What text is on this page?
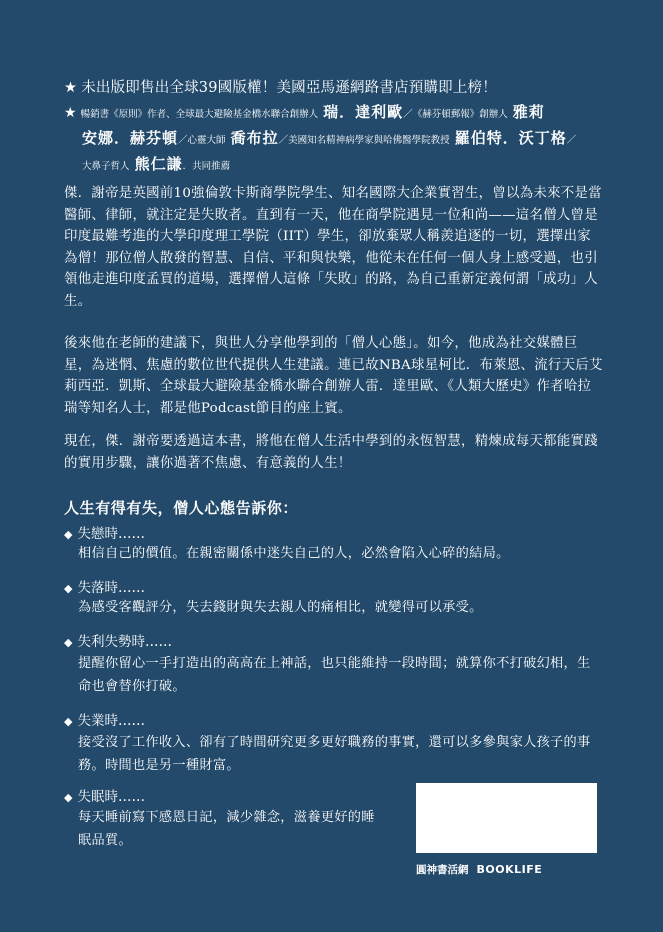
★ 未出版即售出全球39國版權！美國亞馬遜網路書店預購即上榜！
★ 暢銷書《原則》作者、全球最大避險基金橋水聯合創辦人 瑞．達利歐／《赫芬頓郵報》創辦人 雅莉
安娜．赫芬頓／心靈大師 喬布拉／美國知名精神病學家與哈佛醫學院教授 羅伯特．沃丁格／
大鼻子哲人 熊仁謙．共同推薦
傑．謝帝是英國前10強倫敦卡斯商學院學生、知名國際大企業實習生，曾以為未來不是當醫師、律師，就注定是失敗者。直到有一天，他在商學院遇見一位和尚——這名僧人曾是印度最難考進的大學印度理工學院（IIT）學生，卻放棄眾人稱羨追逐的一切，選擇出家為僧！那位僧人散發的智慧、自信、平和與快樂，他從未在任何一個人身上感受過，也引領他走進印度孟買的道場，選擇僧人這條「失敗」的路，為自己重新定義何謂「成功」人生。
後來他在老師的建議下，與世人分享他學到的「僧人心態」。如今，他成為社交媒體巨星，為迷惘、焦慮的數位世代提供人生建議。連已故NBA球星柯比．布萊恩、流行天后艾莉西亞．凱斯、全球最大避險基金橋水聯合創辦人雷．達里歐、《人類大歷史》作者哈拉瑞等知名人士，都是他Podcast節目的座上賓。
現在，傑．謝帝要透過這本書，將他在僧人生活中學到的永恆智慧，精煉成每天都能實踐的實用步驟，讓你過著不焦慮、有意義的人生！
人生有得有失，僧人心態告訴你：
◆ 失戀時……
相信自己的價值。在親密關係中迷失自己的人，必然會陷入心碎的結局。
◆ 失落時……
為感受客觀評分，失去錢財與失去親人的痛相比，就變得可以承受。
◆ 失利失勢時……
提醒你留心一手打造出的高高在上神話，也只能維持一段時間；就算你不打破幻相，生命也會替你打破。
◆ 失業時……
接受沒了工作收入、卻有了時間研究更多更好職務的事實，還可以多參與家人孩子的事務。時間也是另一種財富。
◆ 失眠時……
每天睡前寫下感恩日記，減少雜念，滋養更好的睡眠品質。
圓神書活網 BOOKLIFE
